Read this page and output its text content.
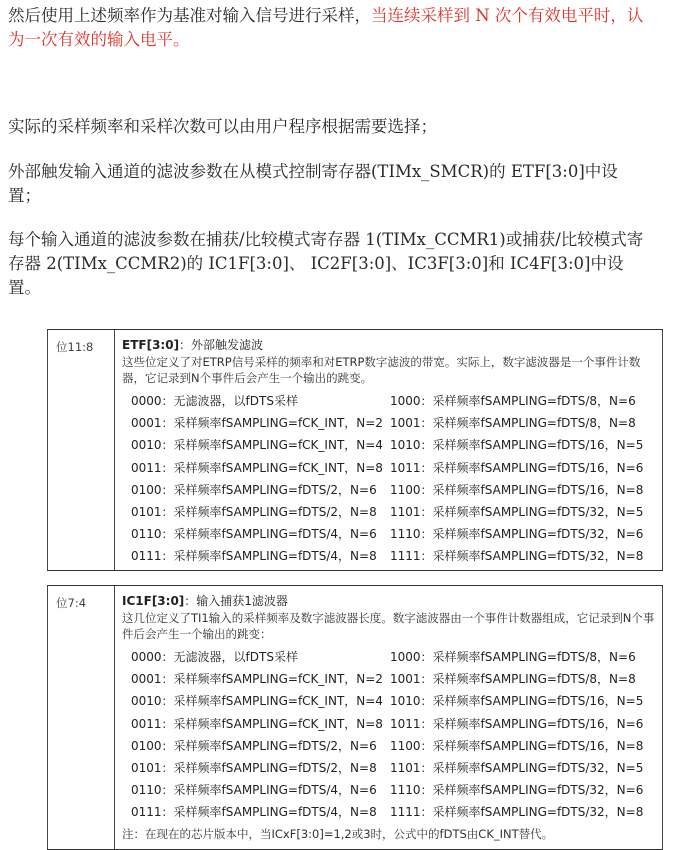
然后使用上述频率作为基准对输入信号进行采样，当连续采样到 N 次个有效电平时，认为一次有效的输入电平。

实际的采样频率和采样次数可以由用户程序根据需要选择；

外部触发输入通道的滤波参数在从模式控制寄存器(TIMx_SMCR)的 ETF[3:0]中设置；

每个输入通道的滤波参数在捕获/比较模式寄存器 1(TIMx_CCMR1)或捕获/比较模式寄存器 2(TIMx_CCMR2)的 IC1F[3:0]、 IC2F[3:0]、IC3F[3:0]和 IC4F[3:0]中设置。

位11:8 ETF[3:0]：外部触发滤波
这些位定义了对ETRP信号采样的频率和对ETRP数字滤波的带宽。实际上，数字滤波器是一个事件计数器，它记录到N个事件后会产生一个输出的跳变。
0000：无滤波器，以fDTS采样	1000：采样频率fSAMPLING=fDTS/8，N=6
0001：采样频率fSAMPLING=fCK_INT，N=2 1001：采样频率fSAMPLING=fDTS/8，N=8
0010：采样频率fSAMPLING=fCK_INT，N=4 1010：采样频率fSAMPLING=fDTS/16，N=5
0011：采样频率fSAMPLING=fCK_INT，N=8 1011：采样频率fSAMPLING=fDTS/16，N=6
0100：采样频率fSAMPLING=fDTS/2，N=6 1100：采样频率fSAMPLING=fDTS/16，N=8
0101：采样频率fSAMPLING=fDTS/2，N=8 1101：采样频率fSAMPLING=fDTS/32，N=5
0110：采样频率fSAMPLING=fDTS/4，N=6 1110：采样频率fSAMPLING=fDTS/32，N=6
0111：采样频率fSAMPLING=fDTS/4，N=8 1111：采样频率fSAMPLING=fDTS/32，N=8
位7:4	IC1F[3:0]：输入捕获1滤波器
这几位定义了TI1输入的采样频率及数字滤波器长度。数字滤波器由一个事件计数器组成，它记录到N个事件后会产生一个输出的跳变：
0000：无滤波器，以fDTS采样	1000：采样频率fSAMPLING=fDTS/8，N=6
0001：采样频率fSAMPLING=fCK_INT，N=2 1001：采样频率fSAMPLING=fDTS/8，N=8
0010：采样频率fSAMPLING=fCK_INT，N=4 1010：采样频率fSAMPLING=fDTS/16，N=5
0011：采样频率fSAMPLING=fCK_INT，N=8 1011：采样频率fSAMPLING=fDTS/16，N=6
0100：采样频率fSAMPLING=fDTS/2，N=6 1100：采样频率fSAMPLING=fDTS/16，N=8
0101：采样频率fSAMPLING=fDTS/2，N=8 1101：采样频率fSAMPLING=fDTS/32，N=5
0110：采样频率fSAMPLING=fDTS/4，N=6 1110：采样频率fSAMPLING=fDTS/32，N=6
0111：采样频率fSAMPLING=fDTS/4，N=8 1111：采样频率fSAMPLING=fDTS/32，N=8
注：在现在的芯片版本中，当ICxF[3:0]=1,2或3时，公式中的fDTS由CK_INT替代。
